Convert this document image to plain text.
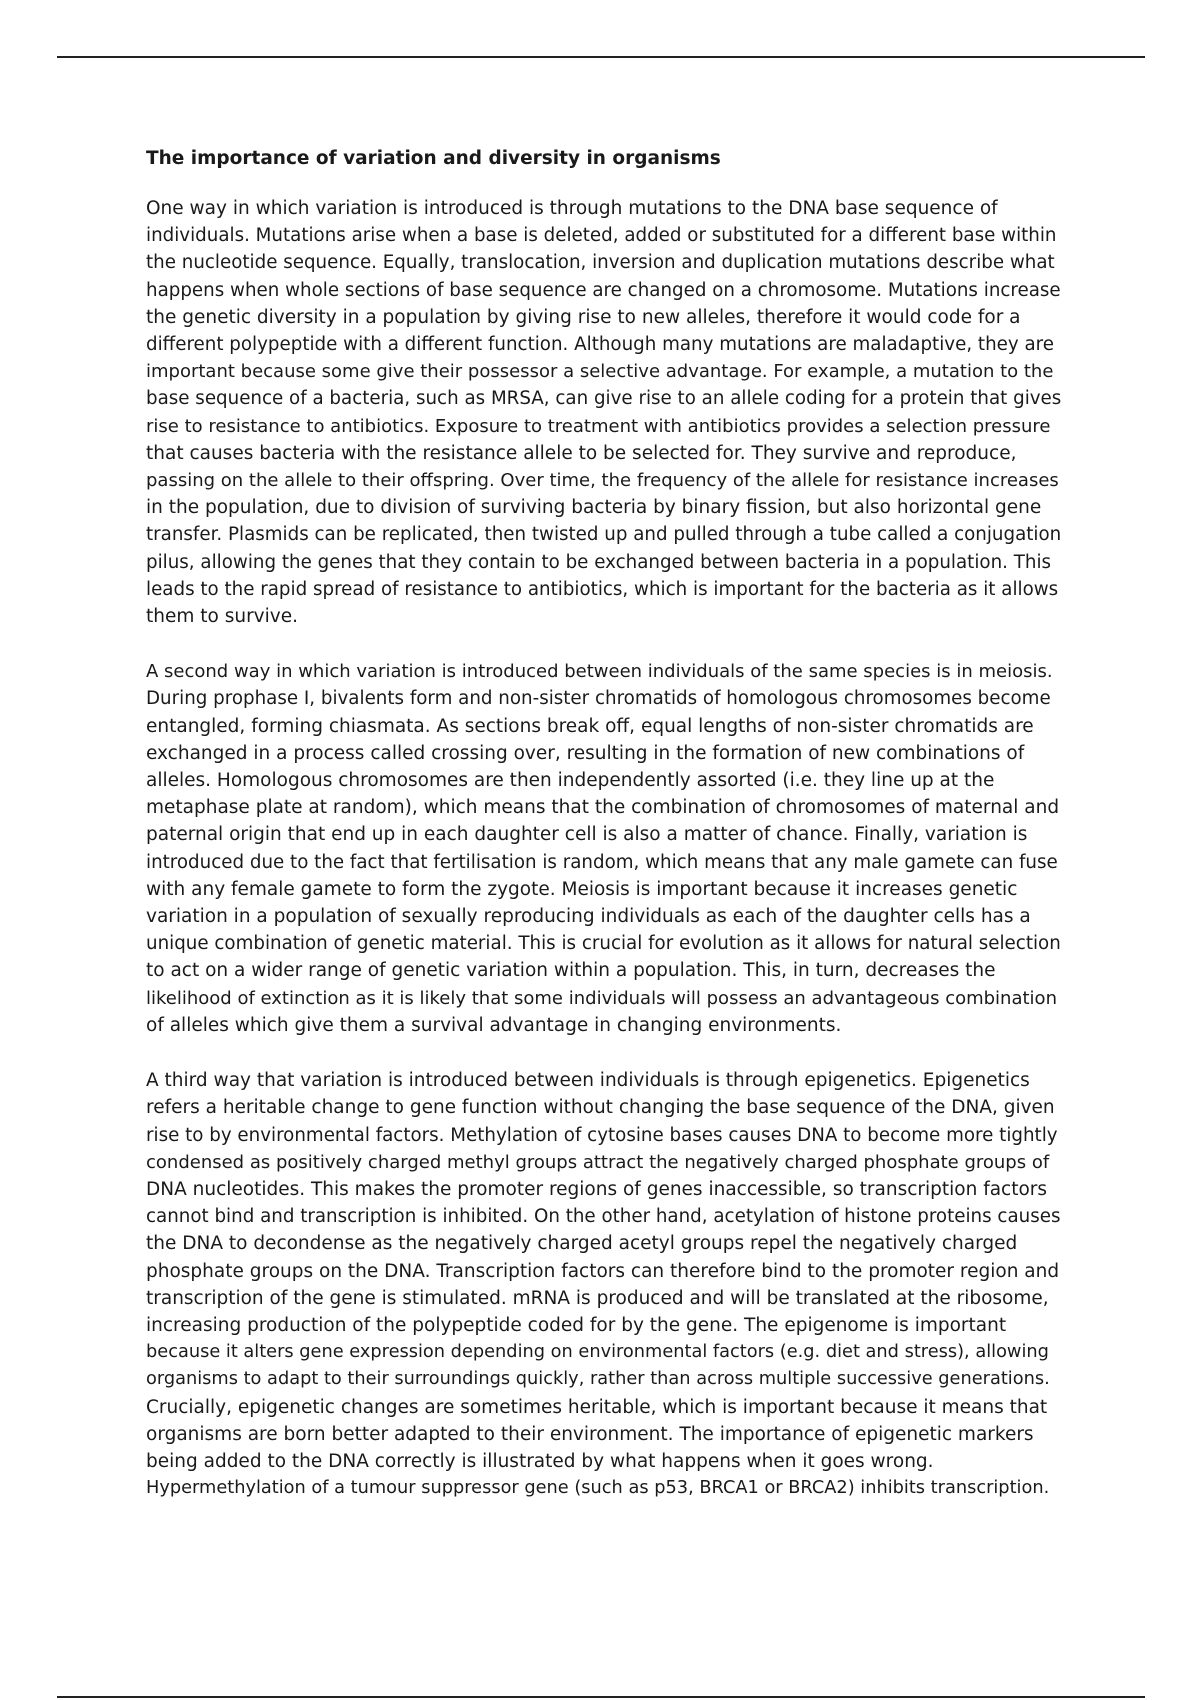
The importance of variation and diversity in organisms
One way in which variation is introduced is through mutations to the DNA base sequence of
individuals. Mutations arise when a base is deleted, added or substituted for a different base within
the nucleotide sequence. Equally, translocation, inversion and duplication mutations describe what
happens when whole sections of base sequence are changed on a chromosome. Mutations increase
the genetic diversity in a population by giving rise to new alleles, therefore it would code for a
different polypeptide with a different function. Although many mutations are maladaptive, they are
important because some give their possessor a selective advantage. For example, a mutation to the
base sequence of a bacteria, such as MRSA, can give rise to an allele coding for a protein that gives
rise to resistance to antibiotics. Exposure to treatment with antibiotics provides a selection pressure
that causes bacteria with the resistance allele to be selected for. They survive and reproduce,
passing on the allele to their offspring. Over time, the frequency of the allele for resistance increases
in the population, due to division of surviving bacteria by binary fission, but also horizontal gene
transfer. Plasmids can be replicated, then twisted up and pulled through a tube called a conjugation
pilus, allowing the genes that they contain to be exchanged between bacteria in a population. This
leads to the rapid spread of resistance to antibiotics, which is important for the bacteria as it allows
them to survive.
A second way in which variation is introduced between individuals of the same species is in meiosis.
During prophase I, bivalents form and non-sister chromatids of homologous chromosomes become
entangled, forming chiasmata. As sections break off, equal lengths of non-sister chromatids are
exchanged in a process called crossing over, resulting in the formation of new combinations of
alleles. Homologous chromosomes are then independently assorted (i.e. they line up at the
metaphase plate at random), which means that the combination of chromosomes of maternal and
paternal origin that end up in each daughter cell is also a matter of chance. Finally, variation is
introduced due to the fact that fertilisation is random, which means that any male gamete can fuse
with any female gamete to form the zygote. Meiosis is important because it increases genetic
variation in a population of sexually reproducing individuals as each of the daughter cells has a
unique combination of genetic material. This is crucial for evolution as it allows for natural selection
to act on a wider range of genetic variation within a population. This, in turn, decreases the
likelihood of extinction as it is likely that some individuals will possess an advantageous combination
of alleles which give them a survival advantage in changing environments.
A third way that variation is introduced between individuals is through epigenetics. Epigenetics
refers a heritable change to gene function without changing the base sequence of the DNA, given
rise to by environmental factors. Methylation of cytosine bases causes DNA to become more tightly
condensed as positively charged methyl groups attract the negatively charged phosphate groups of
DNA nucleotides. This makes the promoter regions of genes inaccessible, so transcription factors
cannot bind and transcription is inhibited. On the other hand, acetylation of histone proteins causes
the DNA to decondense as the negatively charged acetyl groups repel the negatively charged
phosphate groups on the DNA. Transcription factors can therefore bind to the promoter region and
transcription of the gene is stimulated. mRNA is produced and will be translated at the ribosome,
increasing production of the polypeptide coded for by the gene. The epigenome is important
because it alters gene expression depending on environmental factors (e.g. diet and stress), allowing
organisms to adapt to their surroundings quickly, rather than across multiple successive generations.
Crucially, epigenetic changes are sometimes heritable, which is important because it means that
organisms are born better adapted to their environment. The importance of epigenetic markers
being added to the DNA correctly is illustrated by what happens when it goes wrong.
Hypermethylation of a tumour suppressor gene (such as p53, BRCA1 or BRCA2) inhibits transcription.
